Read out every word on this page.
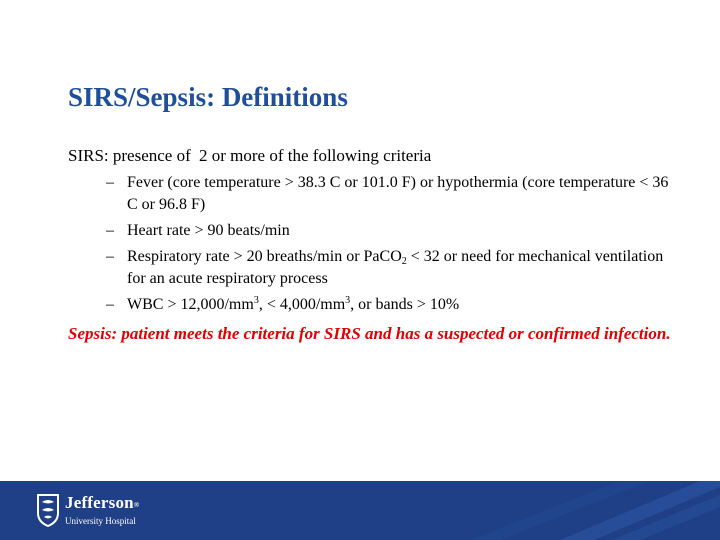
SIRS/Sepsis: Definitions
SIRS: presence of 2 or more of the following criteria
– Fever (core temperature > 38.3 C or 101.0 F) or hypothermia (core temperature < 36 C or 96.8 F)
– Heart rate > 90 beats/min
– Respiratory rate > 20 breaths/min or PaCO$_2$ < 32 or need for mechanical ventilation for an acute respiratory process
– WBC > $12,000/mm^3$, < $4,000/mm^3$, or bands > 10%
Sepsis: patient meets the criteria for SIRS and has a suspected or confirmed infection.
Jefferson®
University Hospital
